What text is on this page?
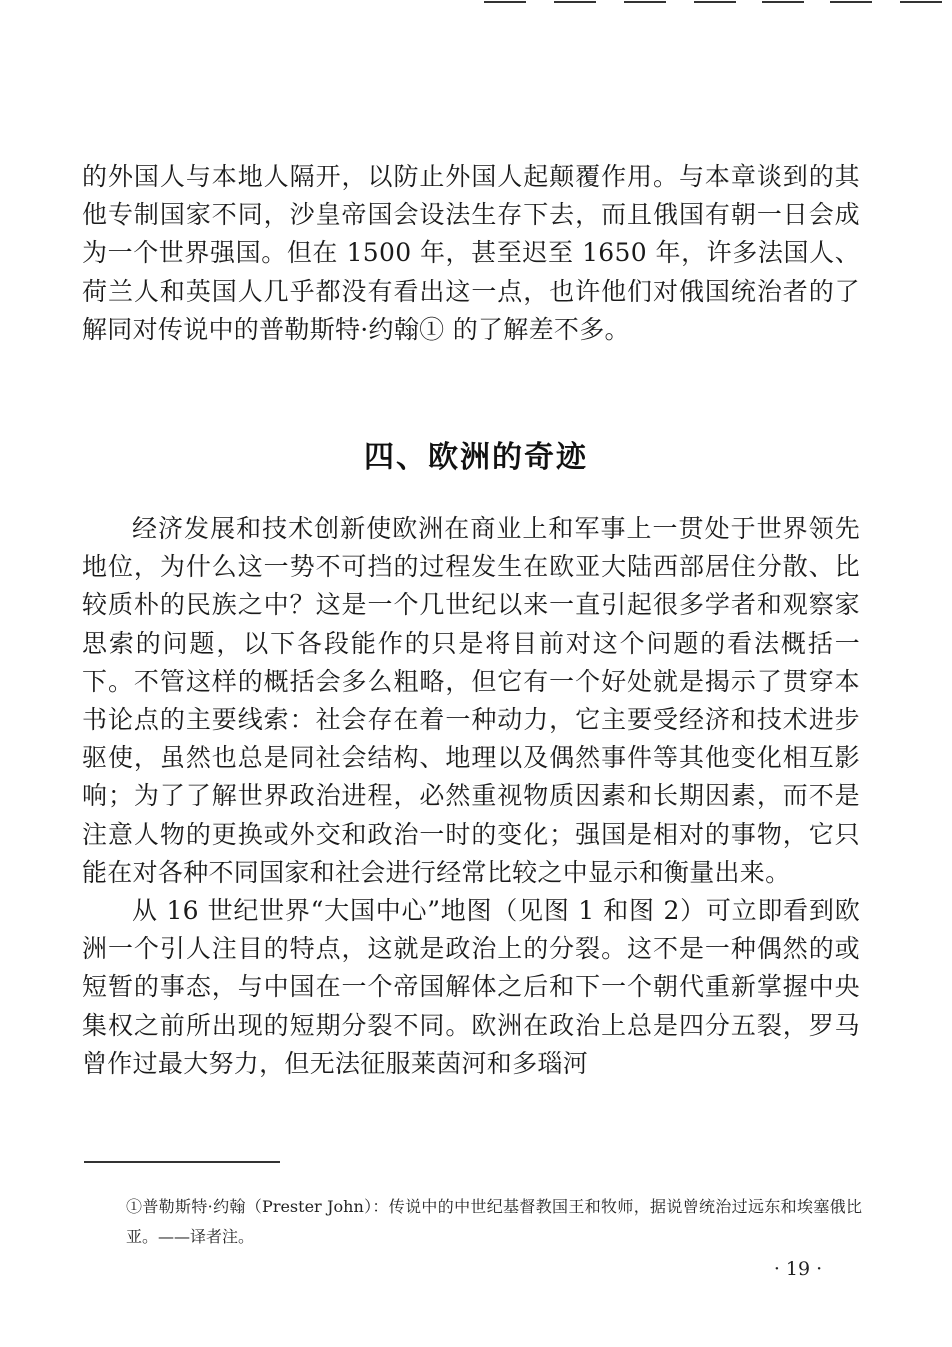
的外国人与本地人隔开，以防止外国人起颠覆作用。与本章谈到的其他专制国家不同，沙皇帝国会设法生存下去，而且俄国有朝一日会成为一个世界强国。但在 1500 年，甚至迟至 1650 年，许多法国人、荷兰人和英国人几乎都没有看出这一点，也许他们对俄国统治者的了解同对传说中的普勒斯特·约翰① 的了解差不多。

四、欧洲的奇迹

经济发展和技术创新使欧洲在商业上和军事上一贯处于世界领先地位，为什么这一势不可挡的过程发生在欧亚大陆西部居住分散、比较质朴的民族之中？这是一个几世纪以来一直引起很多学者和观察家思索的问题，以下各段能作的只是将目前对这个问题的看法概括一下。不管这样的概括会多么粗略，但它有一个好处就是揭示了贯穿本书论点的主要线索：社会存在着一种动力，它主要受经济和技术进步驱使，虽然也总是同社会结构、地理以及偶然事件等其他变化相互影响；为了了解世界政治进程，必然重视物质因素和长期因素，而不是注意人物的更换或外交和政治一时的变化；强国是相对的事物，它只能在对各种不同国家和社会进行经常比较之中显示和衡量出来。

从 16 世纪世界“大国中心”地图（见图 1 和图 2）可立即看到欧洲一个引人注目的特点，这就是政治上的分裂。这不是一种偶然的或短暂的事态，与中国在一个帝国解体之后和下一个朝代重新掌握中央集权之前所出现的短期分裂不同。欧洲在政治上总是四分五裂，罗马曾作过最大努力，但无法征服莱茵河和多瑙河

①普勒斯特·约翰（Prester John）：传说中的中世纪基督教国王和牧师，据说曾统治过远东和埃塞俄比亚。——译者注。

· 19 ·
